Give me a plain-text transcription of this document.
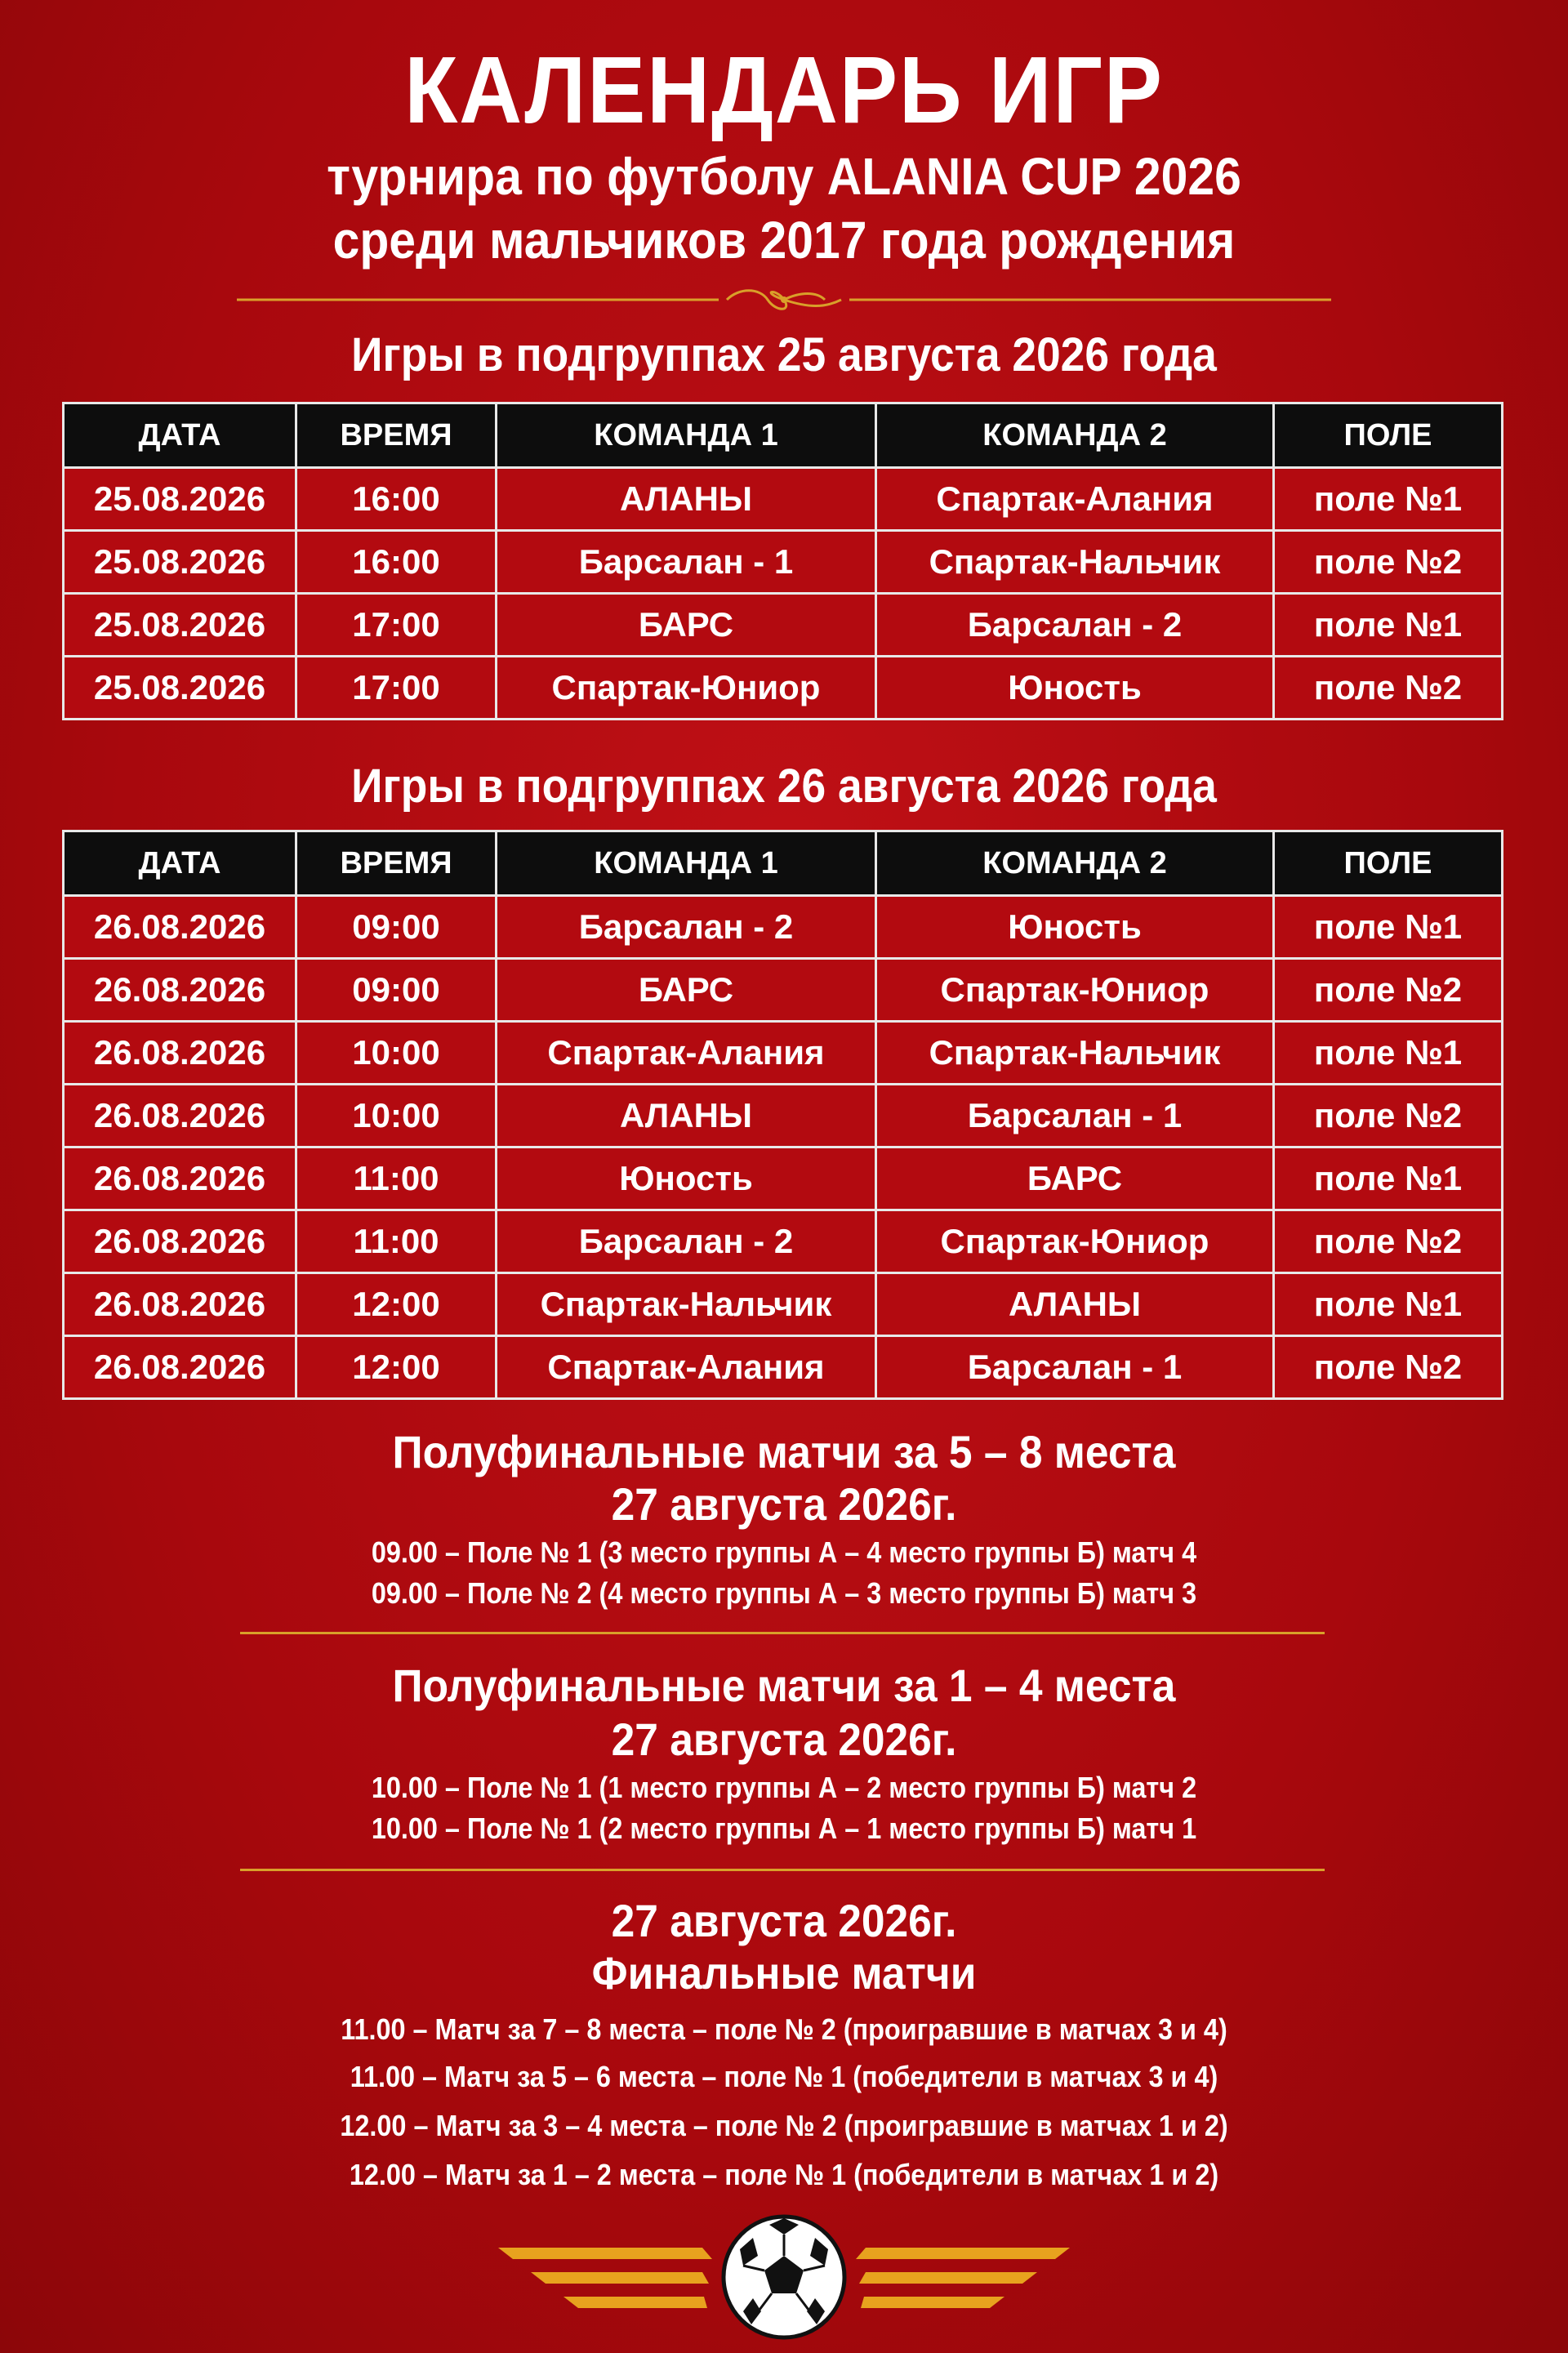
КАЛЕНДАРЬ ИГР
турнира по футболу ALANIA CUP 2026
среди мальчиков 2017 года рождения
Игры в подгруппах 25 августа 2026 года
ДАТА	ВРЕМЯ	КОМАНДА 1	КОМАНДА 2	ПОЛЕ
25.08.2026	16:00	АЛАНЫ	Спартак-Алания	поле №1
25.08.2026	16:00	Барсалан - 1	Спартак-Нальчик	поле №2
25.08.2026	17:00	БАРС	Барсалан - 2	поле №1
25.08.2026	17:00	Спартак-Юниор	Юность	поле №2
Игры в подгруппах 26 августа 2026 года
ДАТА	ВРЕМЯ	КОМАНДА 1	КОМАНДА 2	ПОЛЕ
26.08.2026	09:00	Барсалан - 2	Юность	поле №1
26.08.2026	09:00	БАРС	Спартак-Юниор	поле №2
26.08.2026	10:00	Спартак-Алания	Спартак-Нальчик	поле №1
26.08.2026	10:00	АЛАНЫ	Барсалан - 1	поле №2
26.08.2026	11:00	Юность	БАРС	поле №1
26.08.2026	11:00	Барсалан - 2	Спартак-Юниор	поле №2
26.08.2026	12:00	Спартак-Нальчик	АЛАНЫ	поле №1
26.08.2026	12:00	Спартак-Алания	Барсалан - 1	поле №2
Полуфинальные матчи за 5 – 8 места
27 августа 2026г.
09.00 – Поле № 1 (3 место группы А – 4 место группы Б) матч 4
09.00 – Поле № 2 (4 место группы А – 3 место группы Б) матч 3
Полуфинальные матчи за 1 – 4 места
27 августа 2026г.
10.00 – Поле № 1 (1 место группы А – 2 место группы Б) матч 2
10.00 – Поле № 1 (2 место группы А – 1 место группы Б) матч 1
27 августа 2026г.
Финальные матчи
11.00 – Матч за 7 – 8 места – поле № 2 (проигравшие в матчах 3 и 4)
11.00 – Матч за 5 – 6 места – поле № 1 (победители в матчах 3 и 4)
12.00 – Матч за 3 – 4 места – поле № 2 (проигравшие в матчах 1 и 2)
12.00 – Матч за 1 – 2 места – поле № 1 (победители в матчах 1 и 2)
